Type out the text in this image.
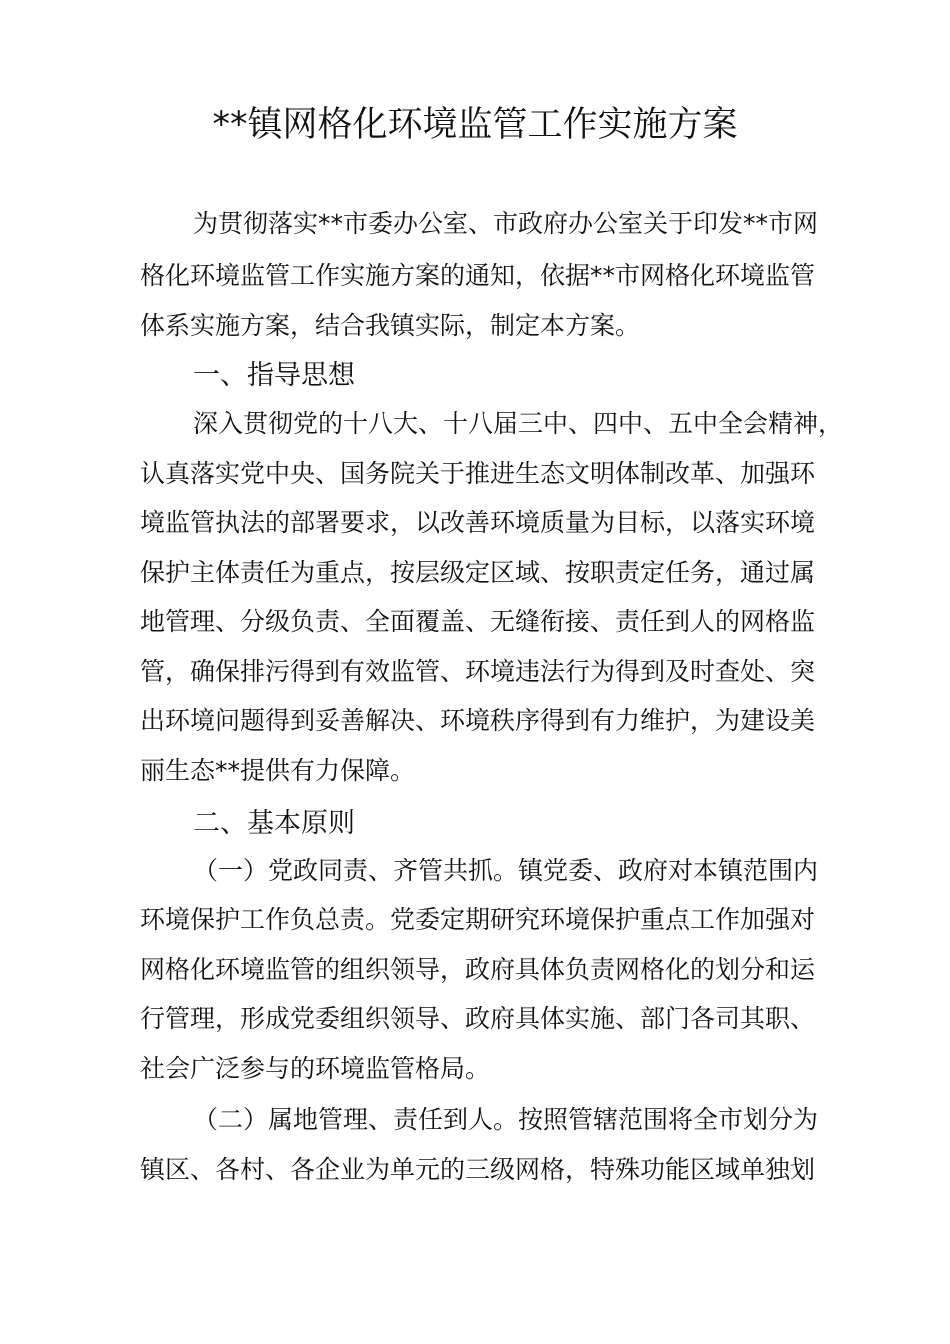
**镇网格化环境监管工作实施方案

为贯彻落实**市委办公室、市政府办公室关于印发**市网

格化环境监管工作实施方案的通知，依据**市网格化环境监管

体系实施方案，结合我镇实际，制定本方案。

一、指导思想

深入贯彻党的十八大、十八届三中、四中、五中全会精神，

认真落实党中央、国务院关于推进生态文明体制改革、加强环

境监管执法的部署要求，以改善环境质量为目标，以落实环境

保护主体责任为重点，按层级定区域、按职责定任务，通过属

地管理、分级负责、全面覆盖、无缝衔接、责任到人的网格监

管，确保排污得到有效监管、环境违法行为得到及时查处、突

出环境问题得到妥善解决、环境秩序得到有力维护，为建设美

丽生态**提供有力保障。

二、基本原则

（一）党政同责、齐管共抓。镇党委、政府对本镇范围内

环境保护工作负总责。党委定期研究环境保护重点工作加强对

网格化环境监管的组织领导，政府具体负责网格化的划分和运

行管理，形成党委组织领导、政府具体实施、部门各司其职、

社会广泛参与的环境监管格局。

（二）属地管理、责任到人。按照管辖范围将全市划分为

镇区、各村、各企业为单元的三级网格，特殊功能区域单独划
